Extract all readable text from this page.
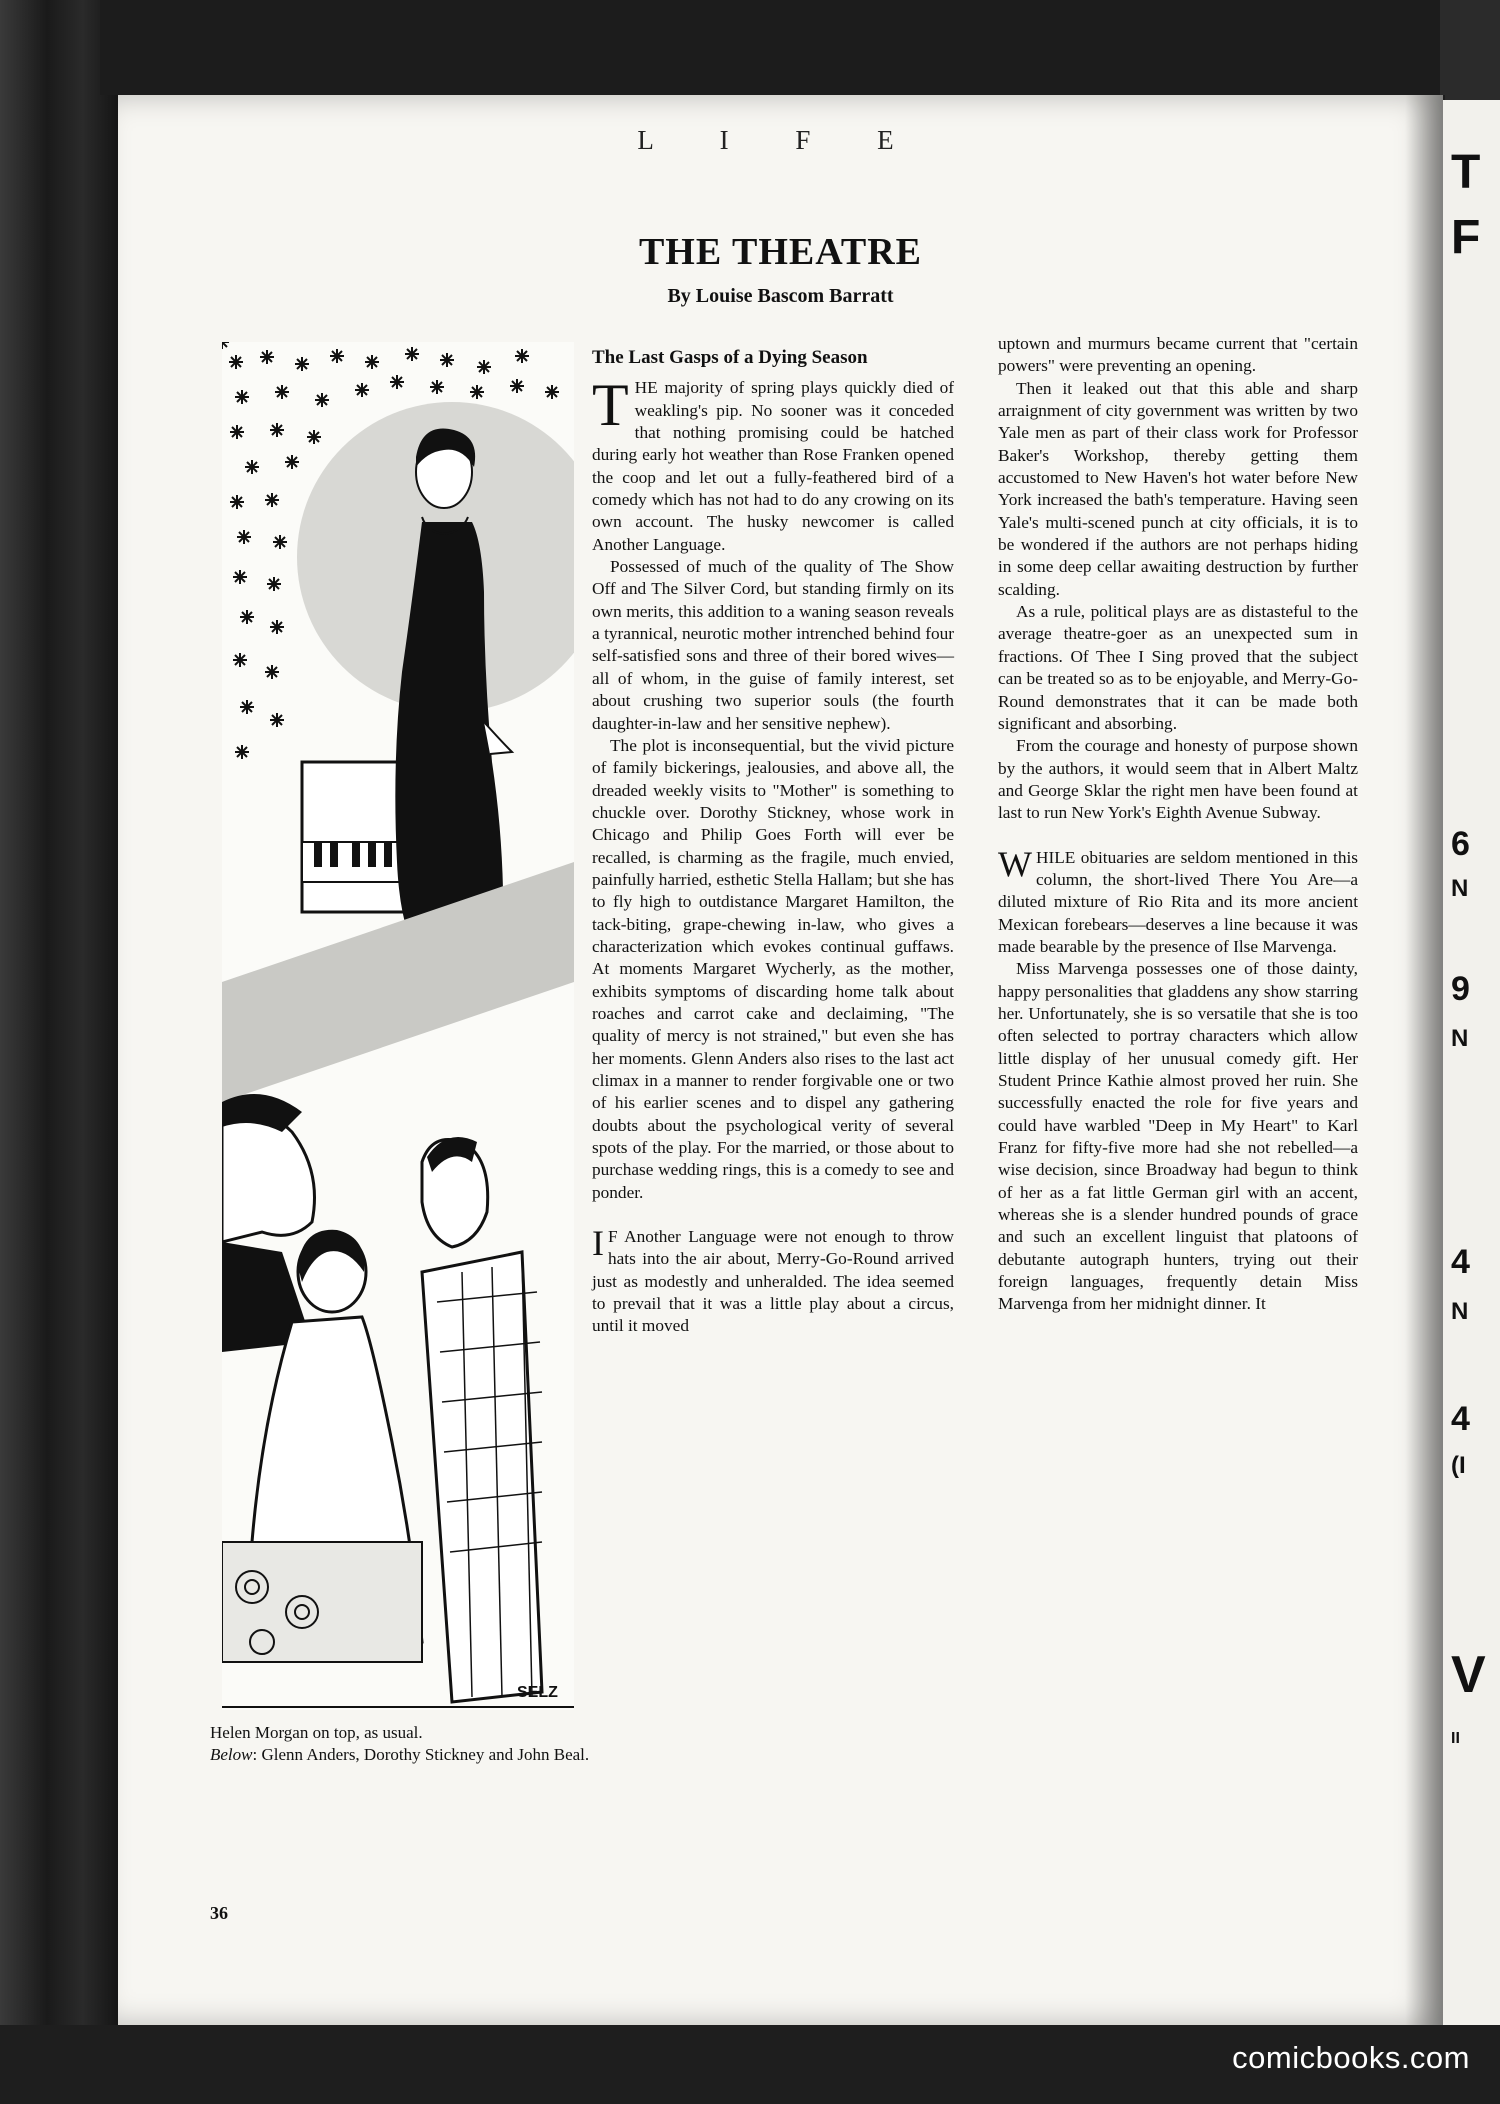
L I F E
THE THEATRE
By Louise Bascom Barratt
SELZ
Helen Morgan on top, as usual.
Below: Glenn Anders, Dorothy Stickney and John Beal.
36
The Last Gasps of a Dying Season

THE majority of spring plays quickly died of weakling's pip. No sooner was it conceded that nothing promising could be hatched during early hot weather than Rose Franken opened the coop and let out a fully-feathered bird of a comedy which has not had to do any crowing on its own account. The husky newcomer is called Another Language.

Possessed of much of the quality of The Show Off and The Silver Cord, but standing firmly on its own merits, this addition to a waning season reveals a tyrannical, neurotic mother intrenched behind four self-satisfied sons and three of their bored wives—all of whom, in the guise of family interest, set about crushing two superior souls (the fourth daughter-in-law and her sensitive nephew).

The plot is inconsequential, but the vivid picture of family bickerings, jealousies, and above all, the dreaded weekly visits to "Mother" is something to chuckle over. Dorothy Stickney, whose work in Chicago and Philip Goes Forth will ever be recalled, is charming as the fragile, much envied, painfully harried, esthetic Stella Hallam; but she has to fly high to outdistance Margaret Hamilton, the tack-biting, grape-chewing in-law, who gives a characterization which evokes continual guffaws. At moments Margaret Wycherly, as the mother, exhibits symptoms of discarding home talk about roaches and carrot cake and declaiming, "The quality of mercy is not strained," but even she has her moments. Glenn Anders also rises to the last act climax in a manner to render forgivable one or two of his earlier scenes and to dispel any gathering doubts about the psychological verity of several spots of the play. For the married, or those about to purchase wedding rings, this is a comedy to see and ponder.

I F Another Language were not enough to throw hats into the air about, Merry-Go-Round arrived just as modestly and unheralded. The idea seemed to prevail that it was a little play about a circus, until it moved

uptown and murmurs became current that "certain powers" were preventing an opening.

Then it leaked out that this able and sharp arraignment of city government was written by two Yale men as part of their class work for Professor Baker's Workshop, thereby getting them accustomed to New Haven's hot water before New York increased the bath's temperature. Having seen Yale's multi-scened punch at city officials, it is to be wondered if the authors are not perhaps hiding in some deep cellar awaiting destruction by further scalding.

As a rule, political plays are as distasteful to the average theatre-goer as an unexpected sum in fractions. Of Thee I Sing proved that the subject can be treated so as to be enjoyable, and Merry-Go-Round demonstrates that it can be made both significant and absorbing.

From the courage and honesty of purpose shown by the authors, it would seem that in Albert Maltz and George Sklar the right men have been found at last to run New York's Eighth Avenue Subway.

WHILE obituaries are seldom mentioned in this column, the short-lived There You Are—a diluted mixture of Rio Rita and its more ancient Mexican forebears—deserves a line because it was made bearable by the presence of Ilse Marvenga.

Miss Marvenga possesses one of those dainty, happy personalities that gladdens any show starring her. Unfortunately, she is so versatile that she is too often selected to portray characters which allow little display of her unusual comedy gift. Her Student Prince Kathie almost proved her ruin. She successfully enacted the role for five years and could have warbled "Deep in My Heart" to Karl Franz for fifty-five more had she not rebelled—a wise decision, since Broadway had begun to think of her as a fat little German girl with an accent, whereas she is a slender hundred pounds of grace and such an excellent linguist that platoons of debutante autograph hunters, trying out their foreign languages, frequently detain Miss Marvenga from her midnight dinner. It

T
F
6
N
9
N
4
N
4
(I
V
II
comicbooks.com
